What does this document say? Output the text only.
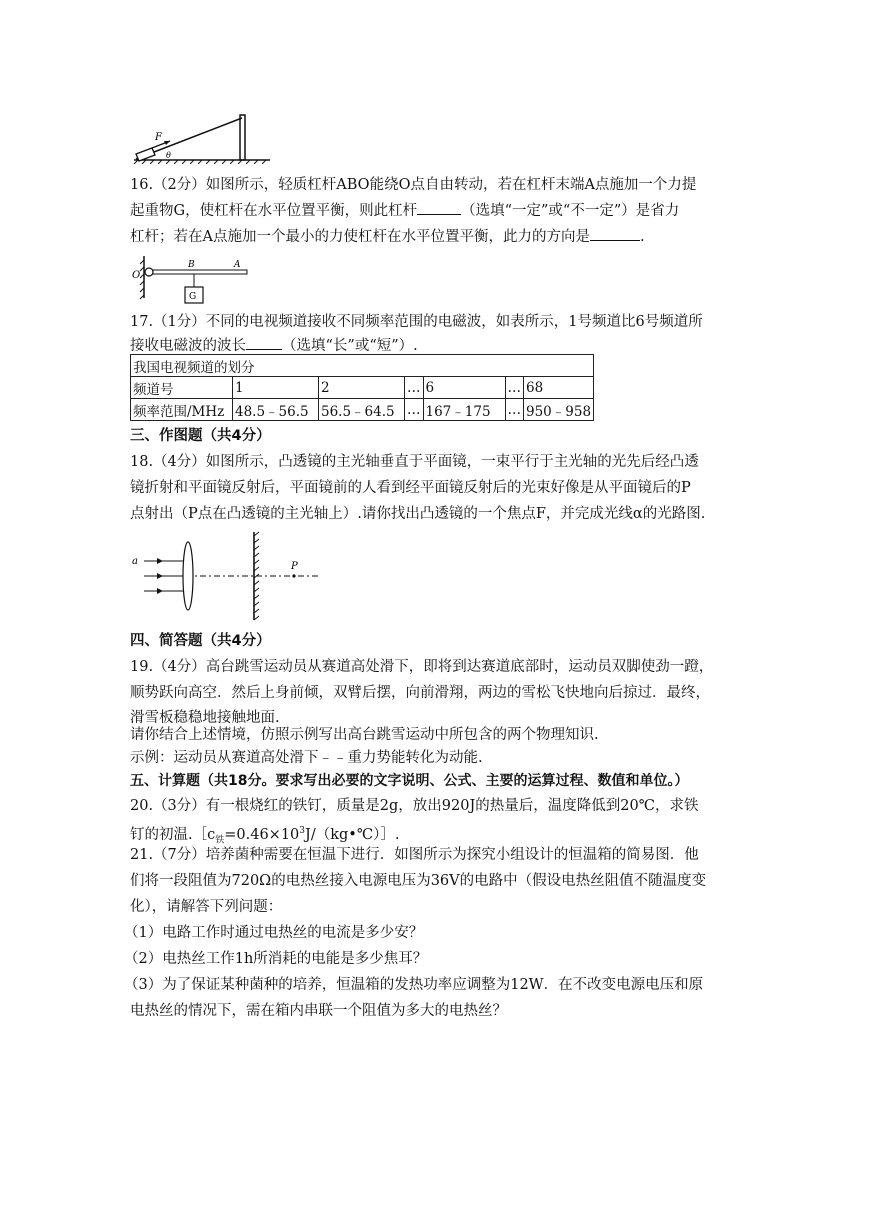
F
θ

16.（2分）如图所示，轻质杠杆ABO能绕O点自由转动，若在杠杆末端A点施加一个力提

起重物G，使杠杆在水平位置平衡，则此杠杆	（选填“一定”或“不一定”）是省力

杠杆；若在A点施加一个最小的力使杠杆在水平位置平衡，此力的方向是	.

O
B	A
G

17.（1分）不同的电视频道接收不同频率范围的电磁波，如表所示，1号频道比6号频道所

接收电磁波的波长 （选填“长”或“短”）.

我国电视频道的划分						
频道号	1	2	…	6	…	68
频率范围/MHz	48.5﹣56.5	56.5﹣64.5	…	167﹣175	…	950﹣958

三、作图题（共4分）

18.（4分）如图所示，凸透镜的主光轴垂直于平面镜，一束平行于主光轴的光先后经凸透

镜折射和平面镜反射后，平面镜前的人看到经平面镜反射后的光束好像是从平面镜后的P

点射出（P点在凸透镜的主光轴上）.请你找出凸透镜的一个焦点F，并完成光线α的光路图.

a	P

四、简答题（共4分）

19.（4分）高台跳雪运动员从赛道高处滑下，即将到达赛道底部时，运动员双脚使劲一蹬，

顺势跃向高空．然后上身前倾，双臂后摆，向前滑翔，两边的雪松飞快地向后掠过．最终，

滑雪板稳稳地接触地面.

请你结合上述情境，仿照示例写出高台跳雪运动中所包含的两个物理知识.

示例：运动员从赛道高处滑下﹣﹣重力势能转化为动能.

五、计算题（共18分。要求写出必要的文字说明、公式、主要的运算过程、数值和单位。）

20.（3分）有一根烧红的铁钉，质量是2g，放出920J的热量后，温度降低到20℃，求铁

钉的初温$.[c_铁=0.46\times 10^3J/(kg•℃)]$.

21.（7分）培养菌种需要在恒温下进行．如图所示为探究小组设计的恒温箱的简易图．他

们将一段阻值为720Ω的电热丝接入电源电压为36V的电路中（假设电热丝阻值不随温度变

化），请解答下列问题：

（1）电路工作时通过电热丝的电流是多少安？

（2）电热丝工作1h所消耗的电能是多少焦耳？

（3）为了保证某种菌种的培养，恒温箱的发热功率应调整为12W．在不改变电源电压和原

电热丝的情况下，需在箱内串联一个阻值为多大的电热丝？
